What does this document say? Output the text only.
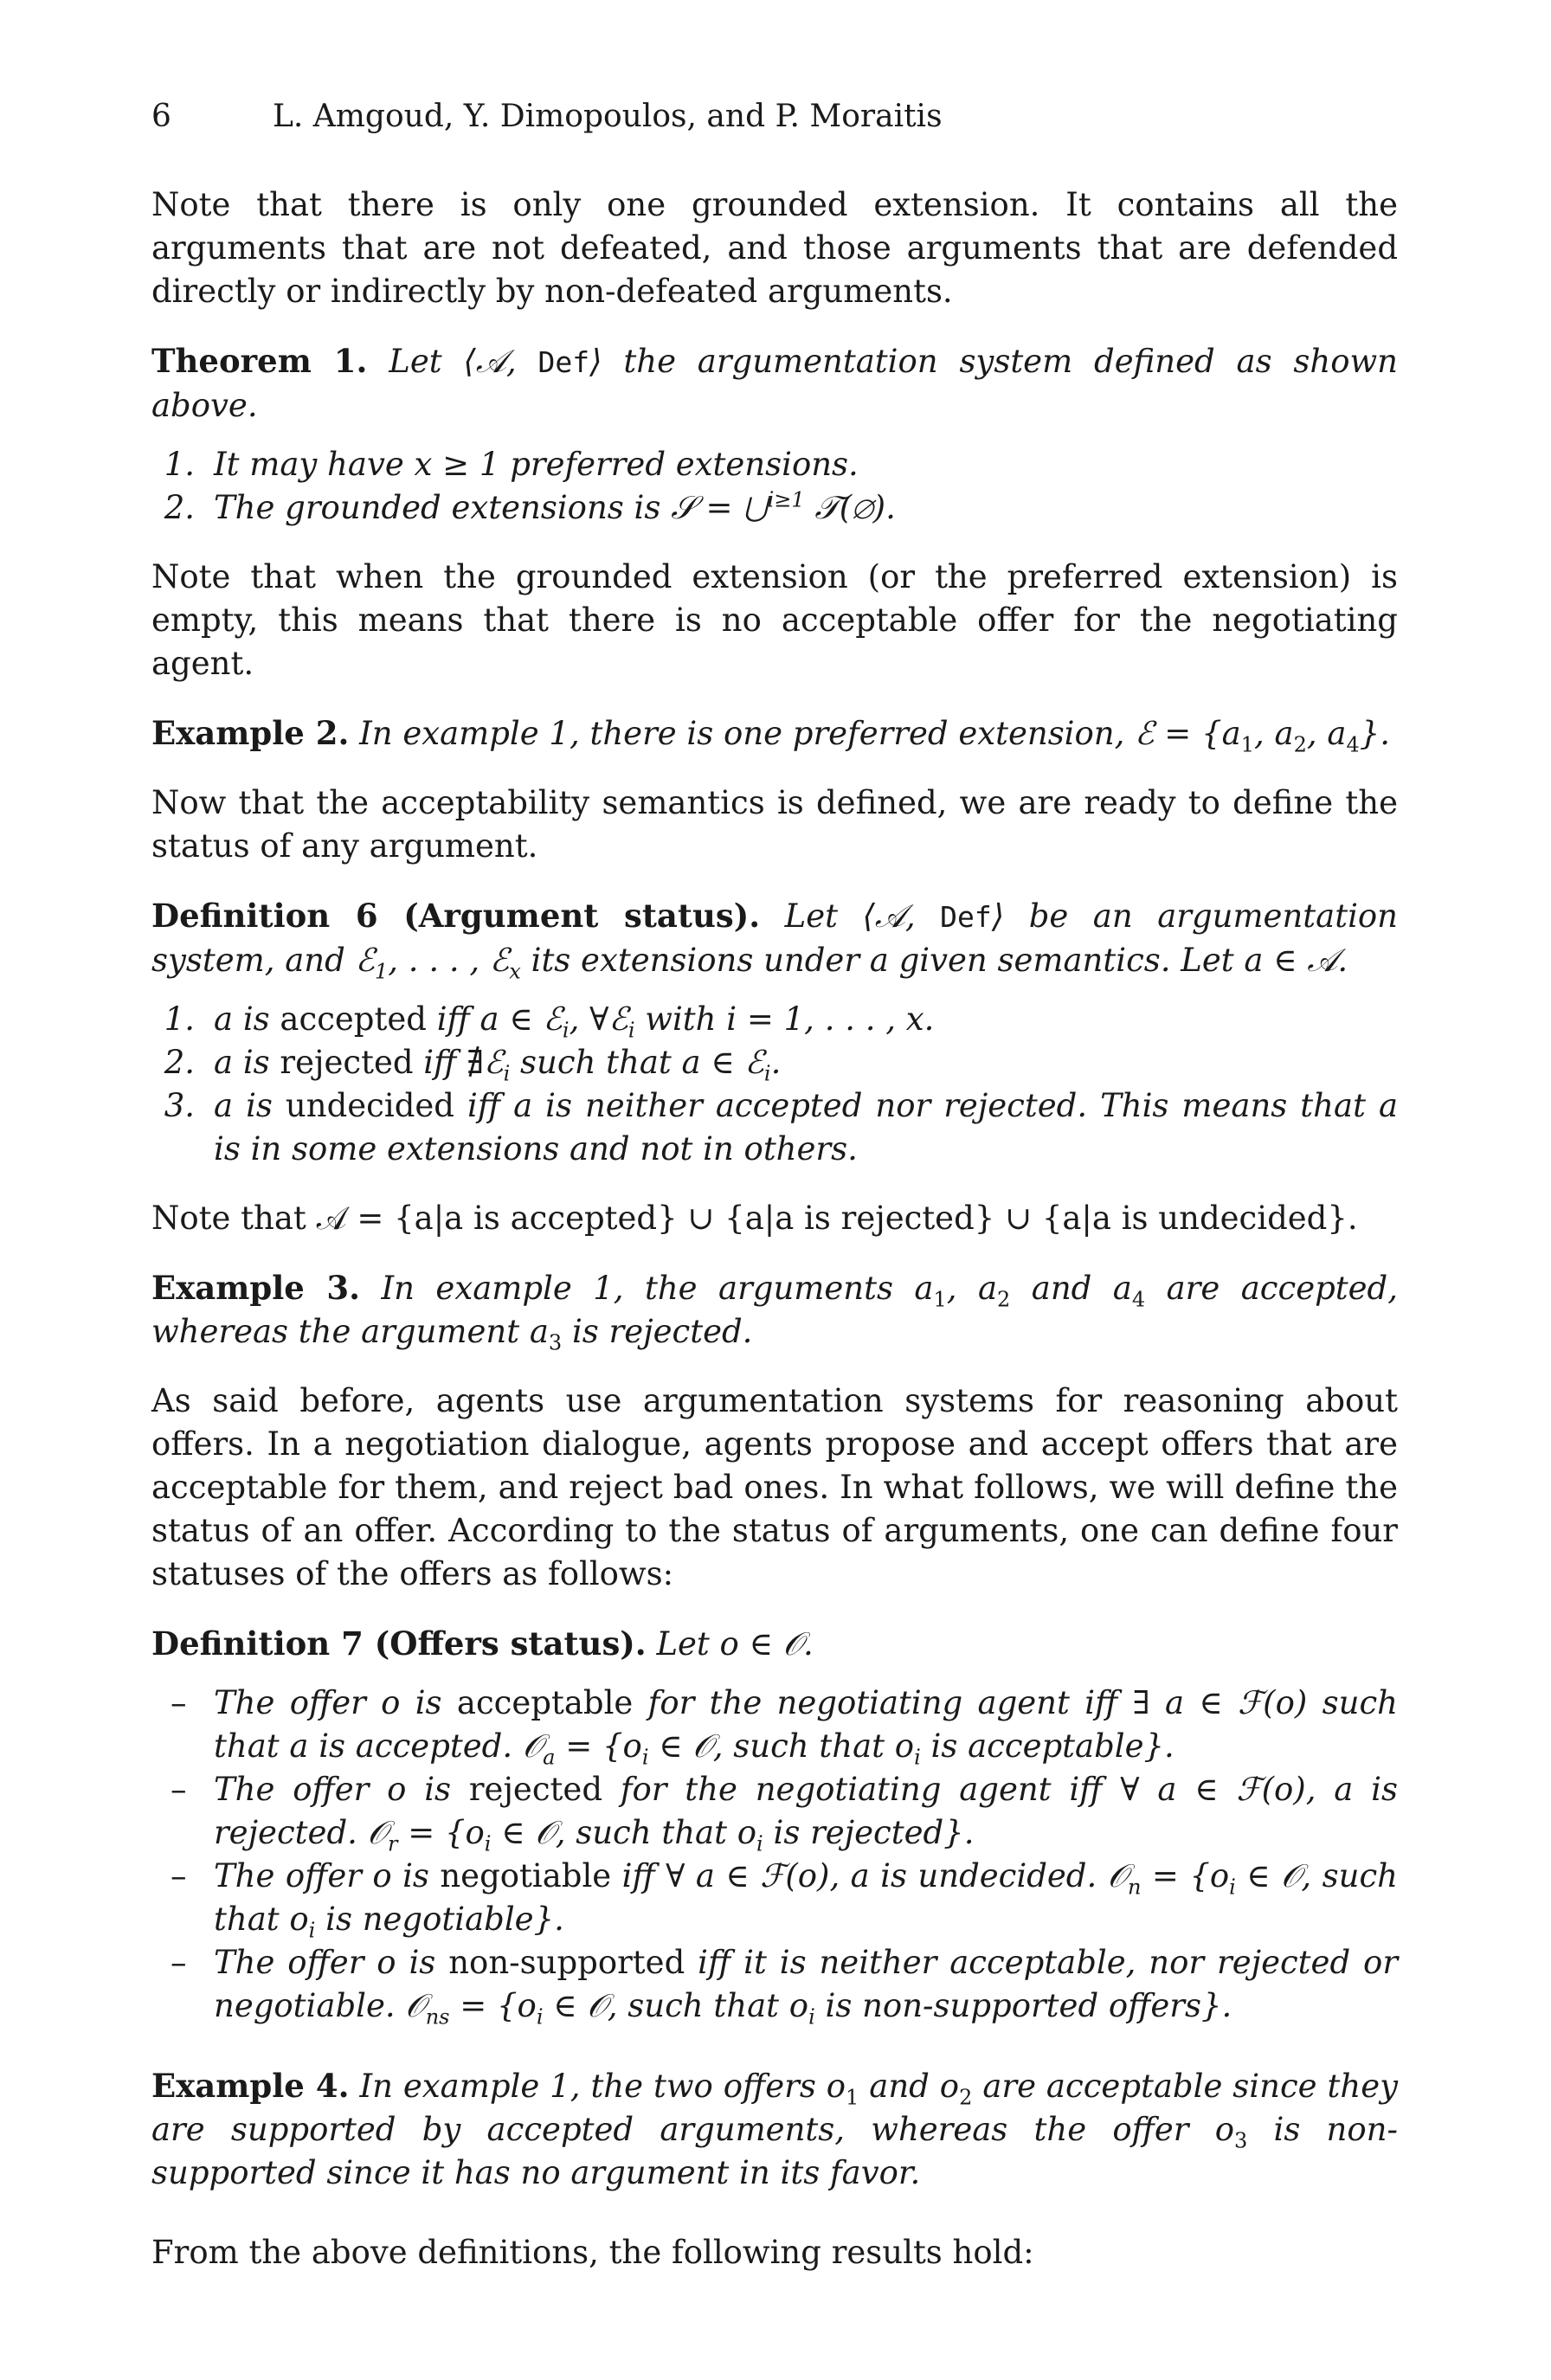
6	L. Amgoud, Y. Dimopoulos, and P. Moraitis

Note that there is only one grounded extension. It contains all the arguments that are not defeated, and those arguments that are defended directly or indirectly by non-defeated arguments.

Theorem 1. Let ⟨𝒜, Def⟩ the argumentation system defined as shown above.

1. It may have x ≥ 1 preferred extensions.
2. The grounded extensions is 𝒮 = ⋃$^{i\ge 1}$ 𝒯(∅).

Note that when the grounded extension (or the preferred extension) is empty, this means that there is no acceptable offer for the negotiating agent.

Example 2. In example 1, there is one preferred extension, ℰ = {$a_1$, $a_2$, $a_4$}.

Now that the acceptability semantics is defined, we are ready to define the status of any argument.

Definition 6 (Argument status). Let ⟨𝒜, Def⟩ be an argumentation system, and ℰ$_1$, . . . , ℰ$_x$ its extensions under a given semantics. Let a ∈ 𝒜.

1. a is accepted iff a ∈ ℰ$_i$, ∀ℰ$_i$ with i = 1, . . . , x.
2. a is rejected iff ∄ℰ$_i$ such that a ∈ ℰ$_i$.
3. a is undecided iff a is neither accepted nor rejected. This means that a is in some extensions and not in others.

Note that 𝒜 = {a|a is accepted} ∪ {a|a is rejected} ∪ {a|a is undecided}.

Example 3. In example 1, the arguments $a_1$, $a_2$ and $a_4$ are accepted, whereas the argument $a_3$ is rejected.

As said before, agents use argumentation systems for reasoning about offers. In a negotiation dialogue, agents propose and accept offers that are acceptable for them, and reject bad ones. In what follows, we will define the status of an offer. According to the status of arguments, one can define four statuses of the offers as follows:

Definition 7 (Offers status). Let o ∈ 𝒪.

– The offer o is acceptable for the negotiating agent iff ∃ a ∈ ℱ(o) such that a is accepted. 𝒪$_a$ = {$o_i$ ∈ 𝒪, such that $o_i$ is acceptable}.
– The offer o is rejected for the negotiating agent iff ∀ a ∈ ℱ(o), a is rejected. 𝒪$_r$ = {$o_i$ ∈ 𝒪, such that $o_i$ is rejected}.
– The offer o is negotiable iff ∀ a ∈ ℱ(o), a is undecided. 𝒪$_n$ = {$o_i$ ∈ 𝒪, such that $o_i$ is negotiable}.
– The offer o is non-supported iff it is neither acceptable, nor rejected or negotiable. 𝒪$_{ns}$ = {$o_i$ ∈ 𝒪, such that $o_i$ is non-supported offers}.

Example 4. In example 1, the two offers $o_1$ and $o_2$ are acceptable since they are supported by accepted arguments, whereas the offer $o_3$ is non-supported since it has no argument in its favor.

From the above definitions, the following results hold:
